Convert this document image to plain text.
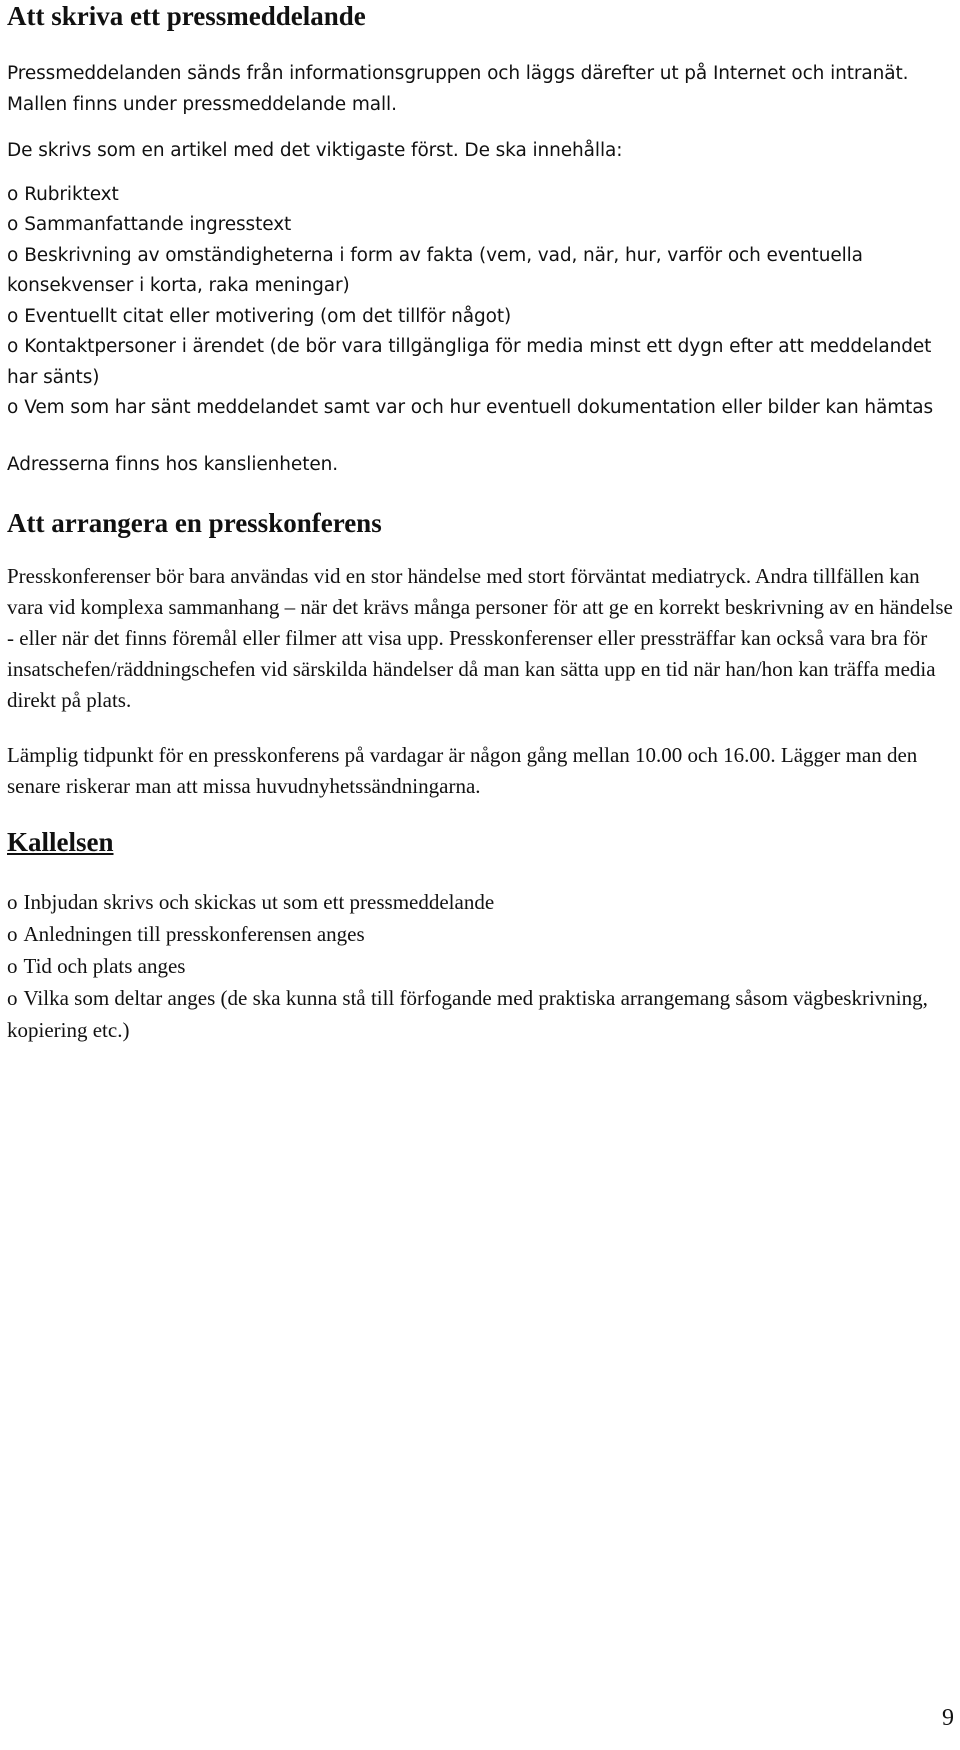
Att skriva ett pressmeddelande

Pressmeddelanden sänds från informationsgruppen och läggs därefter ut på Internet och intranät. Mallen finns under pressmeddelande mall.

De skrivs som en artikel med det viktigaste först. De ska innehålla:

o Rubriktext
o Sammanfattande ingresstext
o Beskrivning av omständigheterna i form av fakta (vem, vad, när, hur, varför och eventuella konsekvenser i korta, raka meningar)
o Eventuellt citat eller motivering (om det tillför något)
o Kontaktpersoner i ärendet (de bör vara tillgängliga för media minst ett dygn efter att meddelandet har sänts)
o Vem som har sänt meddelandet samt var och hur eventuell dokumentation eller bilder kan hämtas

Adresserna finns hos kanslienheten.

Att arrangera en presskonferens

Presskonferenser bör bara användas vid en stor händelse med stort förväntat mediatryck. Andra tillfällen kan vara vid komplexa sammanhang – när det krävs många personer för att ge en korrekt beskrivning av en händelse - eller när det finns föremål eller filmer att visa upp. Presskonferenser eller pressträffar kan också vara bra för insatschefen/räddningschefen vid särskilda händelser då man kan sätta upp en tid när han/hon kan träffa media direkt på plats.

Lämplig tidpunkt för en presskonferens på vardagar är någon gång mellan 10.00 och 16.00. Lägger man den senare riskerar man att missa huvudnyhetssändningarna.

Kallelsen
o Inbjudan skrivs och skickas ut som ett pressmeddelande
o Anledningen till presskonferensen anges
o Tid och plats anges
o Vilka som deltar anges (de ska kunna stå till förfogande med praktiska arrangemang såsom vägbeskrivning, kopiering etc.)
9
